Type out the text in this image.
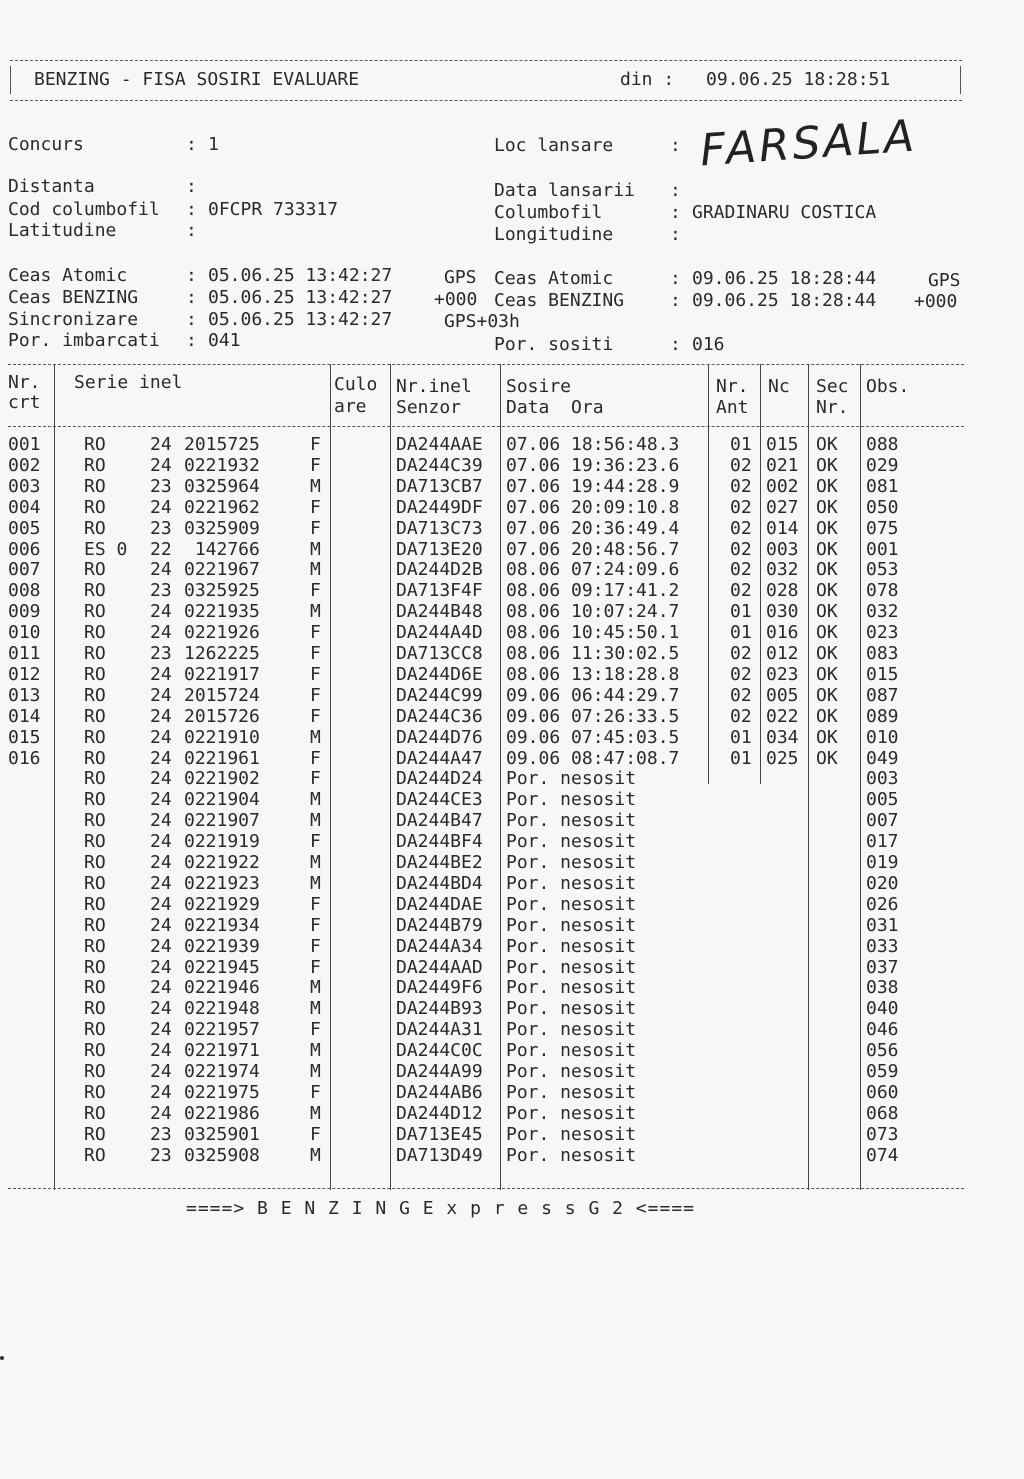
BENZING - FISA SOSIRI EVALUARE	din : 09.06.25 18:28:51
Concurs	: 1
Distanta	:
Cod columbofil : 0FCPR 733317
Latitudine	:
Loc lansare	: FARSALA
Data lansarii :
Columbofil	: GRADINARU COSTICA
Longitudine	:
Ceas Atomic	: 05.06.25 13:42:27	GPS
Ceas BENZING	: 05.06.25 13:42:27 +000
Sincronizare	: 05.06.25 13:42:27	GPS+03h
Por. imbarcati : 041
Ceas Atomic	: 09.06.25 18:28:44	GPS
Ceas BENZING	: 09.06.25 18:28:44 +000
Por. sositi	: 016
Nr.
crt
Serie inel	Culo
are
Nr.inel
Senzor
Sosire
Data  Ora
Nr.
Ant
Nc Sec
Nr.
Obs.
001 RO 24 2015725	F	DA244AAE 07.06 18:56:48.3	01 015 OK 088
002 RO 24 0221932	F	DA244C39 07.06 19:36:23.6	02 021 OK 029
003 RO 23 0325964	M	DA713CB7 07.06 19:44:28.9	02 002 OK 081
004 RO 24 0221962	F	DA2449DF 07.06 20:09:10.8	02 027 OK 050
005 RO 23 0325909	F	DA713C73 07.06 20:36:49.4	02 014 OK 075
006 ES 0 22 142766	M	DA713E20 07.06 20:48:56.7	02 003 OK 001
007 RO 24 0221967	M	DA244D2B 08.06 07:24:09.6	02 032 OK 053
008 RO 23 0325925	F	DA713F4F 08.06 09:17:41.2	02 028 OK 078
009 RO 24 0221935	M	DA244B48 08.06 10:07:24.7	01 030 OK 032
010 RO 24 0221926	F	DA244A4D 08.06 10:45:50.1	01 016 OK 023
011 RO 23 1262225	F	DA713CC8 08.06 11:30:02.5	02 012 OK 083
012 RO 24 0221917	F	DA244D6E 08.06 13:18:28.8	02 023 OK 015
013 RO 24 2015724	F	DA244C99 09.06 06:44:29.7	02 005 OK 087
014 RO 24 2015726	F	DA244C36 09.06 07:26:33.5	02 022 OK 089
015 RO 24 0221910	M	DA244D76 09.06 07:45:03.5	01 034 OK 010
016 RO 24 0221961	F	DA244A47 09.06 08:47:08.7	01 025 OK 049
RO 24 0221902	F	DA244D24 Por. nesosit	003
RO 24 0221904	M	DA244CE3 Por. nesosit	005
RO 24 0221907	M	DA244B47 Por. nesosit	007
RO 24 0221919	F	DA244BF4 Por. nesosit	017
RO 24 0221922	M	DA244BE2 Por. nesosit	019
RO 24 0221923	M	DA244BD4 Por. nesosit	020
RO 24 0221929	F	DA244DAE Por. nesosit	026
RO 24 0221934	F	DA244B79 Por. nesosit	031
RO 24 0221939	F	DA244A34 Por. nesosit	033
RO 24 0221945	F	DA244AAD Por. nesosit	037
RO 24 0221946	M	DA2449F6 Por. nesosit	038
RO 24 0221948	M	DA244B93 Por. nesosit	040
RO 24 0221957	F	DA244A31 Por. nesosit	046
RO 24 0221971	M	DA244C0C Por. nesosit	056
RO 24 0221974	M	DA244A99 Por. nesosit	059
RO 24 0221975	F	DA244AB6 Por. nesosit	060
RO 24 0221986	M	DA244D12 Por. nesosit	068
RO 23 0325901	F	DA713E45 Por. nesosit	073
RO 23 0325908	M	DA713D49 Por. nesosit	074
====> B E N Z I N G E x p r e s s G 2 <====
